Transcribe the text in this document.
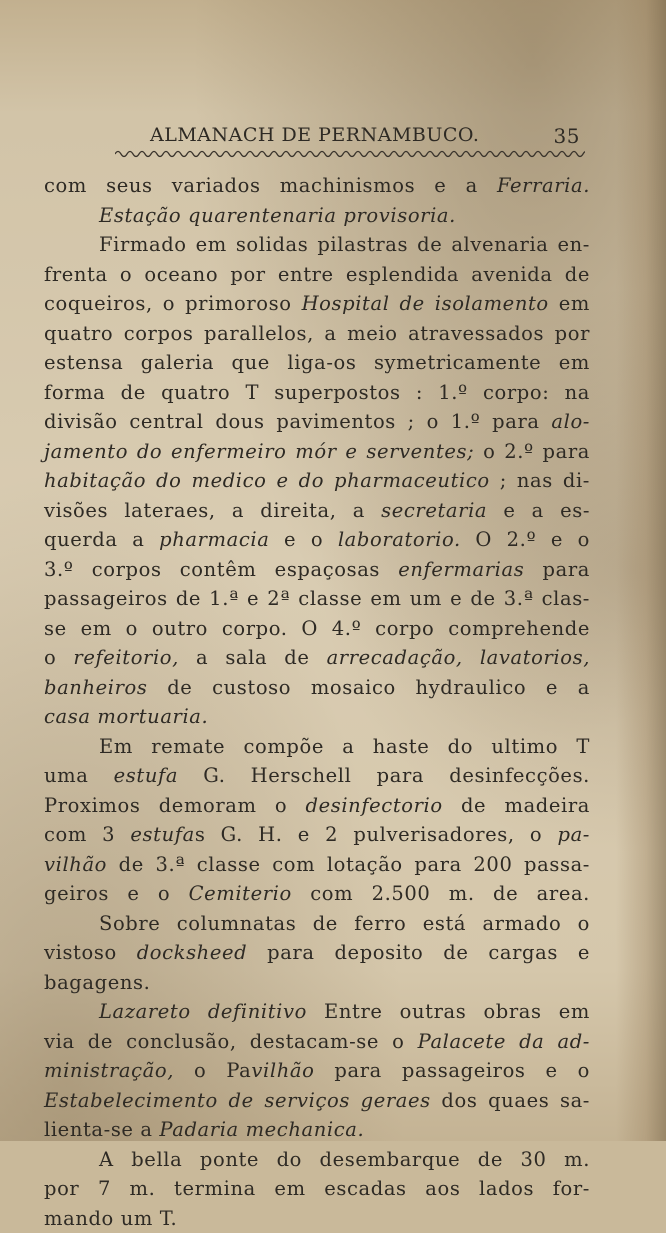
ALMANACH DE PERNAMBUCO.	35
com seus variados machinismos e a Ferraria.
Estação quarentenaria provisoria.
Firmado em solidas pilastras de alvenaria en-
frenta o oceano por entre esplendida avenida de
coqueiros, o primoroso Hospital de isolamento em
quatro corpos parallelos, a meio atravessados por
estensa galeria que liga-os symetricamente em
forma de quatro T superpostos : 1.º corpo: na
divisão central dous pavimentos ; o 1.º para alo-
jamento do enfermeiro mór e serventes; o 2.º para
habitação do medico e do pharmaceutico ; nas di-
visões lateraes, a direita, a secretaria e a es-
querda a pharmacia e o laboratorio. O 2.º e o
3.º corpos contêm espaçosas enfermarias para
passageiros de 1.ª e 2ª classe em um e de 3.ª clas-
se em o outro corpo. O 4.º corpo comprehende
o refeitorio, a sala de arrecadação, lavatorios,
banheiros de custoso mosaico hydraulico e a
casa mortuaria.
Em remate compõe a haste do ultimo T
uma estufa G. Herschell para desinfecções.
Proximos demoram o desinfectorio de madeira
com 3 estufas G. H. e 2 pulverisadores, o pa-
vilhão de 3.ª classe com lotação para 200 passa-
geiros e o Cemiterio com 2.500 m. de area.
Sobre columnatas de ferro está armado o
vistoso docksheed para deposito de cargas e
bagagens.
Lazareto definitivo Entre outras obras em
via de conclusão, destacam-se o Palacete da ad-
ministração, o Pavilhão para passageiros e o
Estabelecimento de serviços geraes dos quaes sa-
lienta-se a Padaria mechanica.
A bella ponte do desembarque de 30 m.
por 7 m. termina em escadas aos lados for-
mando um T.
